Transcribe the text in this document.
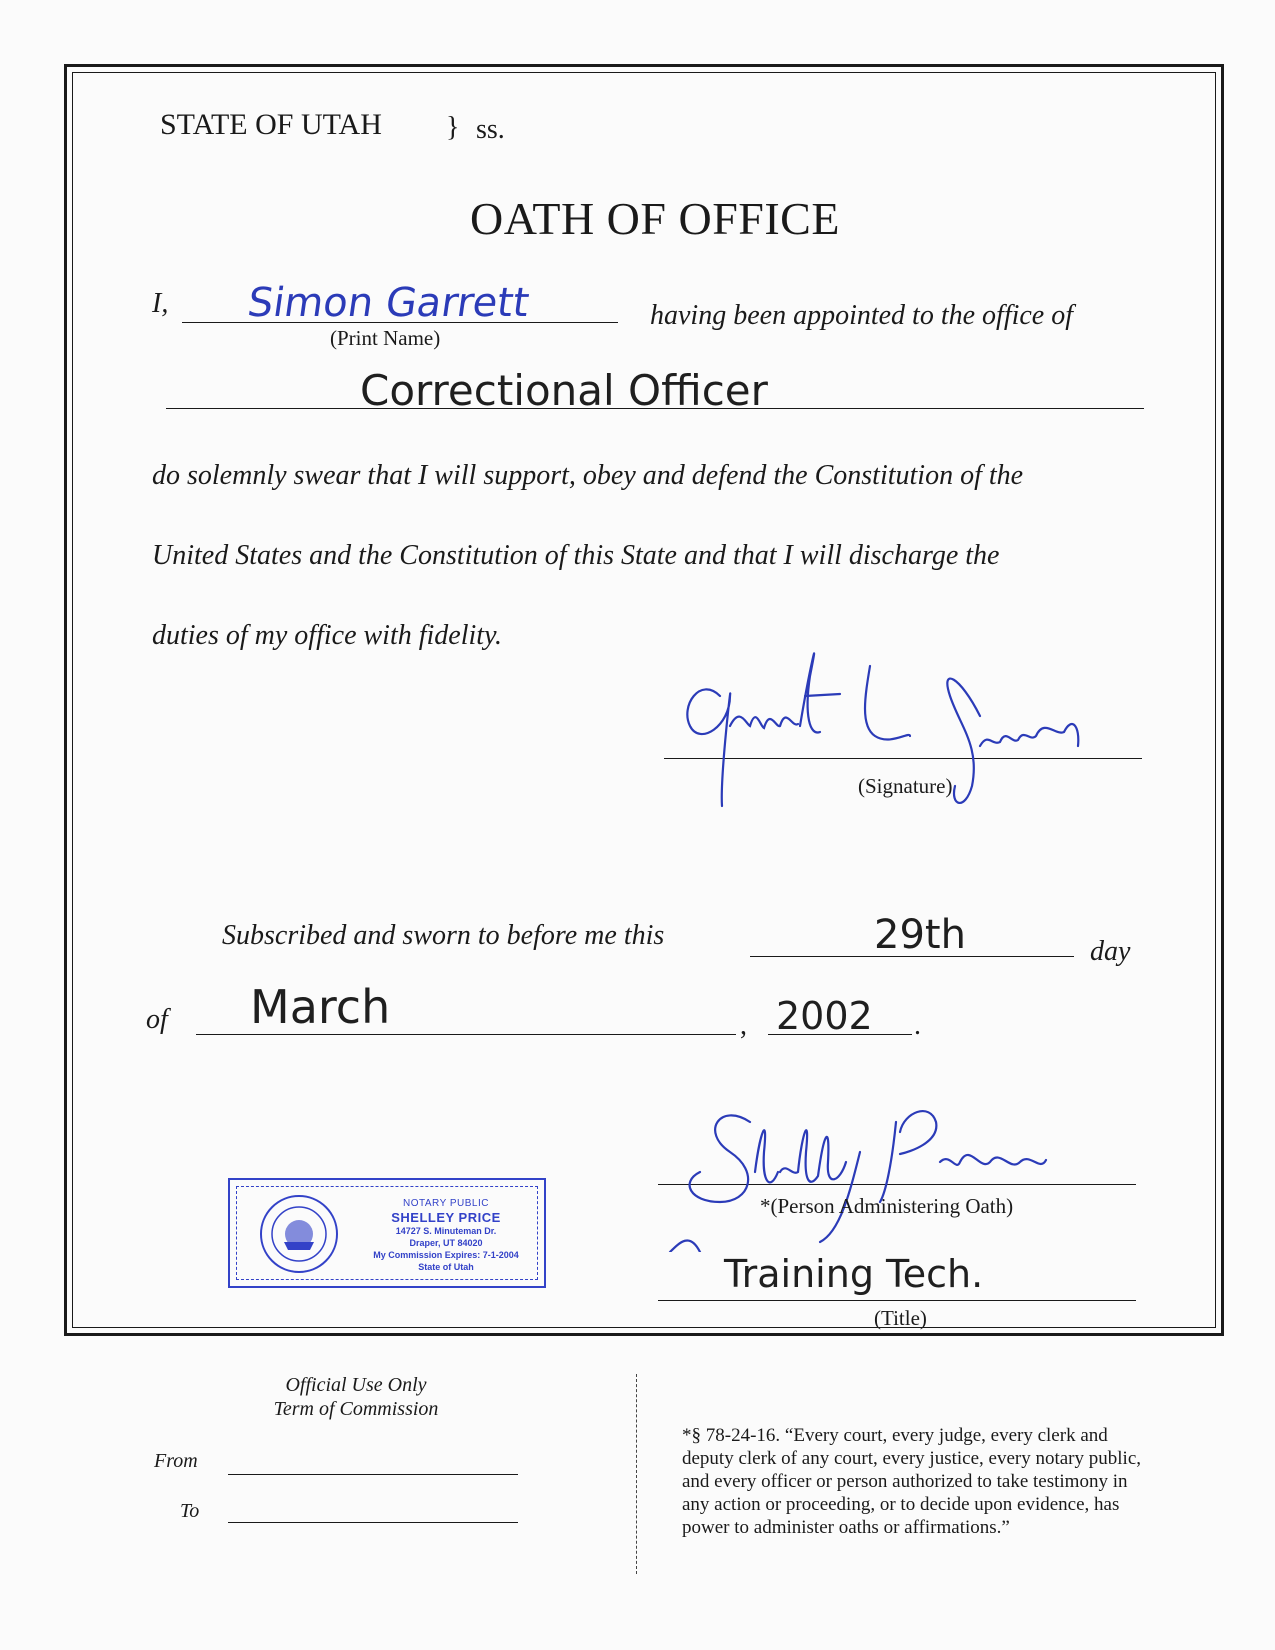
STATE OF UTAH } ss.
OATH OF OFFICE
I, Simon Garrett
(Print Name)
having been appointed to the office of
Correctional Officer
do solemnly swear that I will support, obey and defend the Constitution of the
United States and the Constitution of this State and that I will discharge the
duties of my office with fidelity.
(Signature)
Subscribed and sworn to before me this	29th	day
of March	, 2002 .
*(Person Administering Oath)
Training Tech.
(Title)
NOTARY PUBLIC
SHELLEY PRICE
14727 S. Minuteman Dr.
Draper, UT 84020
My Commission Expires: 7-1-2004
State of Utah
Official Use Only
Term of Commission
From
To
*§ 78-24-16. “Every court, every judge, every clerk and
deputy clerk of any court, every justice, every notary public,
and every officer or person authorized to take testimony in
any action or proceeding, or to decide upon evidence, has
power to administer oaths or affirmations.”
